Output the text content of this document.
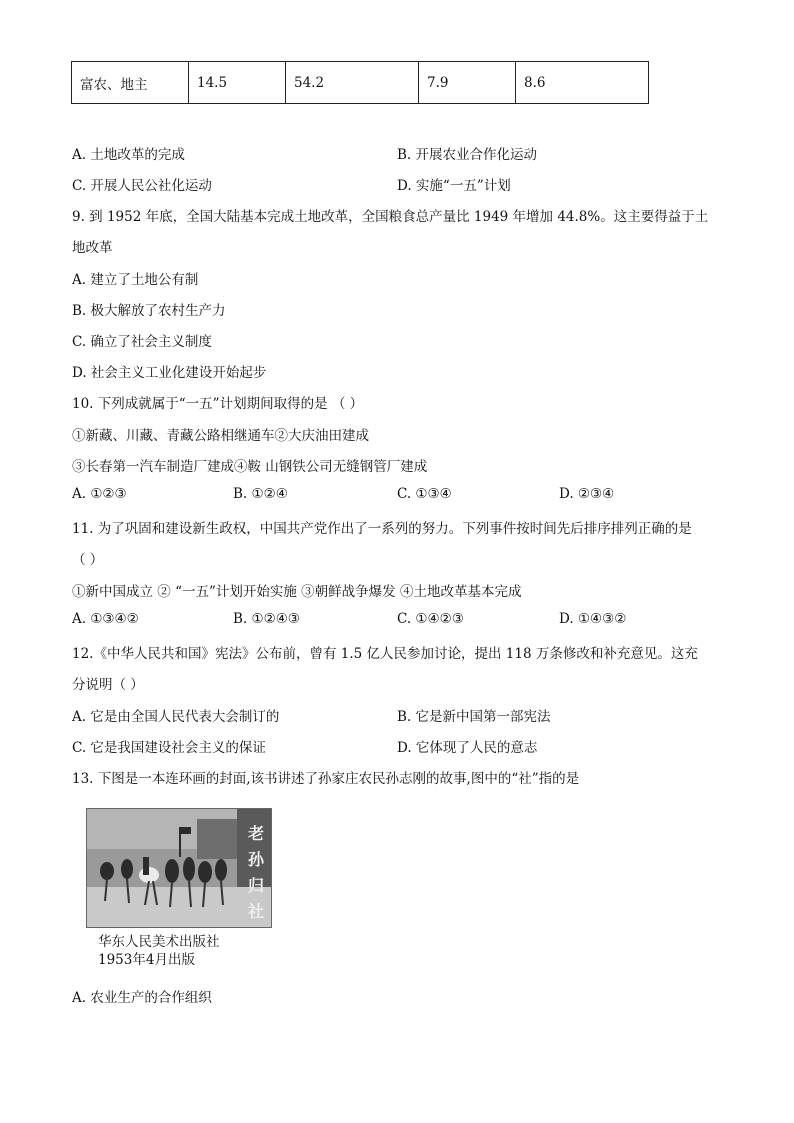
富农、地主	14.5	54.2	7.9	8.6
A. 土地改革的完成	B. 开展农业合作化运动
C. 开展人民公社化运动	D. 实施“一五”计划
9. 到 1952 年底，全国大陆基本完成土地改革，全国粮食总产量比 1949 年增加 44.8%。这主要得益于土
地改革
A. 建立了土地公有制
B. 极大解放了农村生产力
C. 确立了社会主义制度
D. 社会主义工业化建设开始起步
10. 下列成就属于“一五”计划期间取得的是 （ ）
①新藏、川藏、青藏公路相继通车②大庆油田建成
③长春第一汽车制造厂建成④鞍 山钢铁公司无缝钢管厂建成
A. ①②③	B. ①②④	C. ①③④	D. ②③④
11. 为了巩固和建设新生政权，中国共产党作出了一系列的努力。下列事件按时间先后排序排列正确的是
（ ）
①新中国成立 ② “一五”计划开始实施 ③朝鲜战争爆发 ④土地改革基本完成
A. ①③④②	B. ①②④③	C. ①④②③	D. ①④③②
12.《中华人民共和国》宪法》公布前，曾有 1.5 亿人民参加讨论，提出 118 万条修改和补充意见。这充
分说明（ ）
A. 它是由全国人民代表大会制订的	B. 它是新中国第一部宪法
C. 它是我国建设社会主义的保证	D. 它体现了人民的意志
13. 下图是一本连环画的封面,该书讲述了孙家庄农民孙志刚的故事,图中的“社”指的是
老孙归社
华东人民美术出版社
1953年4月出版
A. 农业生产的合作组织
